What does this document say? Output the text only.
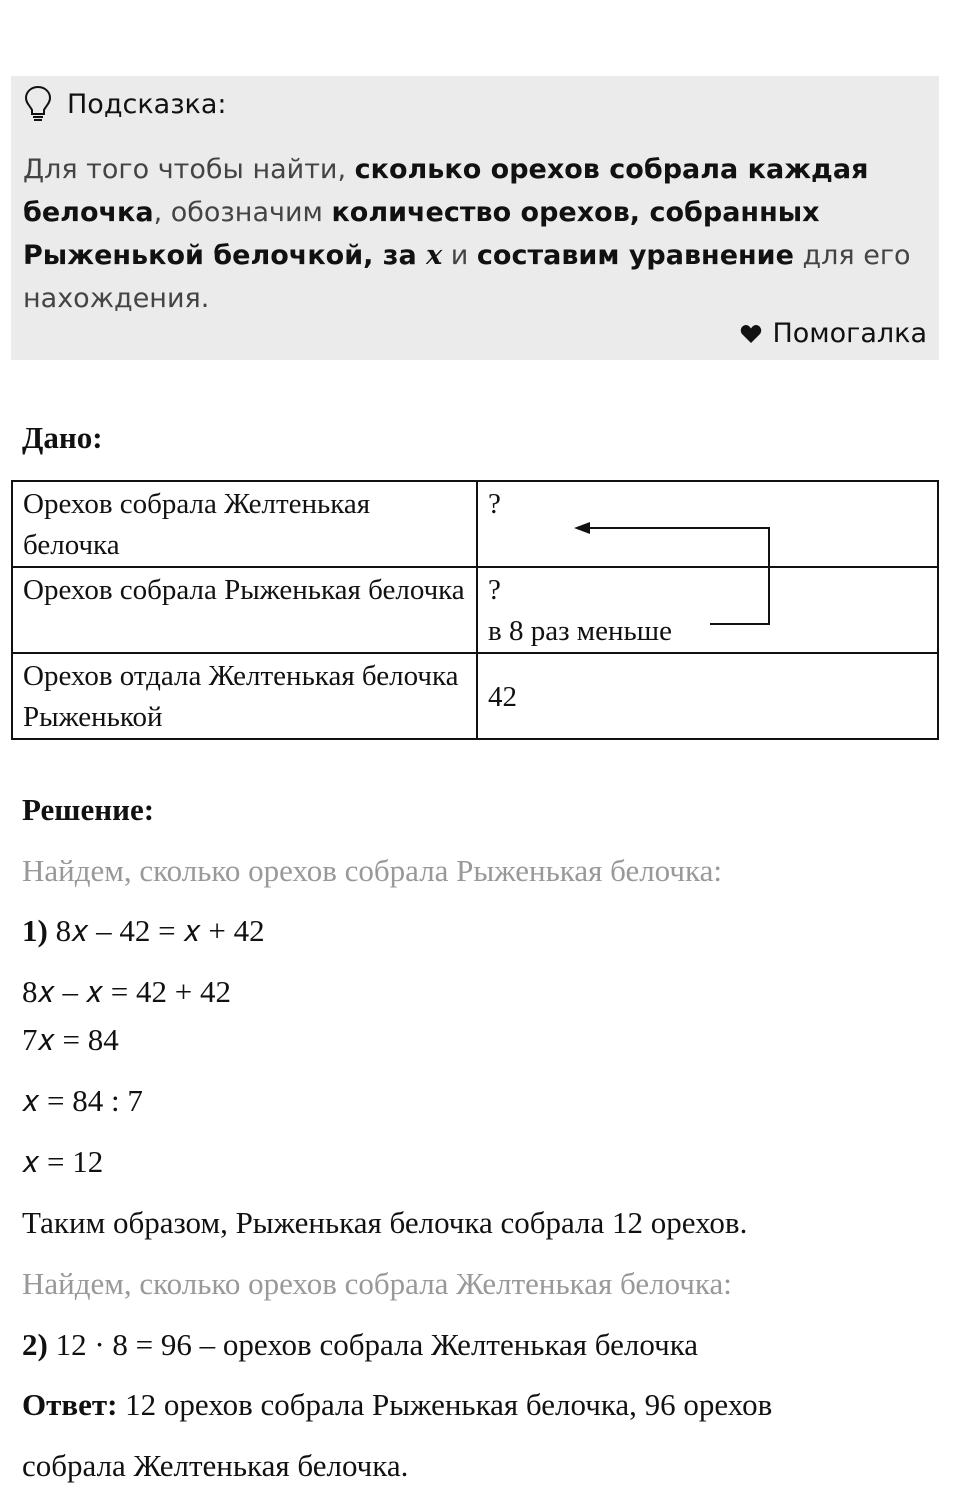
Подсказка:
Для того чтобы найти, сколько орехов собрала каждая белочка, обозначим количество орехов, собранных Рыженькой белочкой, за x и составим уравнение для его нахождения.
Помогалка
Дано:
Орехов собрала Желтенькая белочка	?
Орехов собрала Рыженькая белочка	?
в 8 раз меньше

Орехов отдала Желтенькая белочка Рыженькой	42
Решение:
Найдем, сколько орехов собрала Рыженькая белочка:
1) 8𝑥 – 42 = 𝑥 + 42
8𝑥 – 𝑥 = 42 + 42
7𝑥 = 84
𝑥 = 84 : 7
𝑥 = 12
Таким образом, Рыженькая белочка собрала 12 орехов.
Найдем, сколько орехов собрала Желтенькая белочка:
2) 12 · 8 = 96 – орехов собрала Желтенькая белочка
Ответ: 12 орехов собрала Рыженькая белочка, 96 орехов
собрала Желтенькая белочка.
